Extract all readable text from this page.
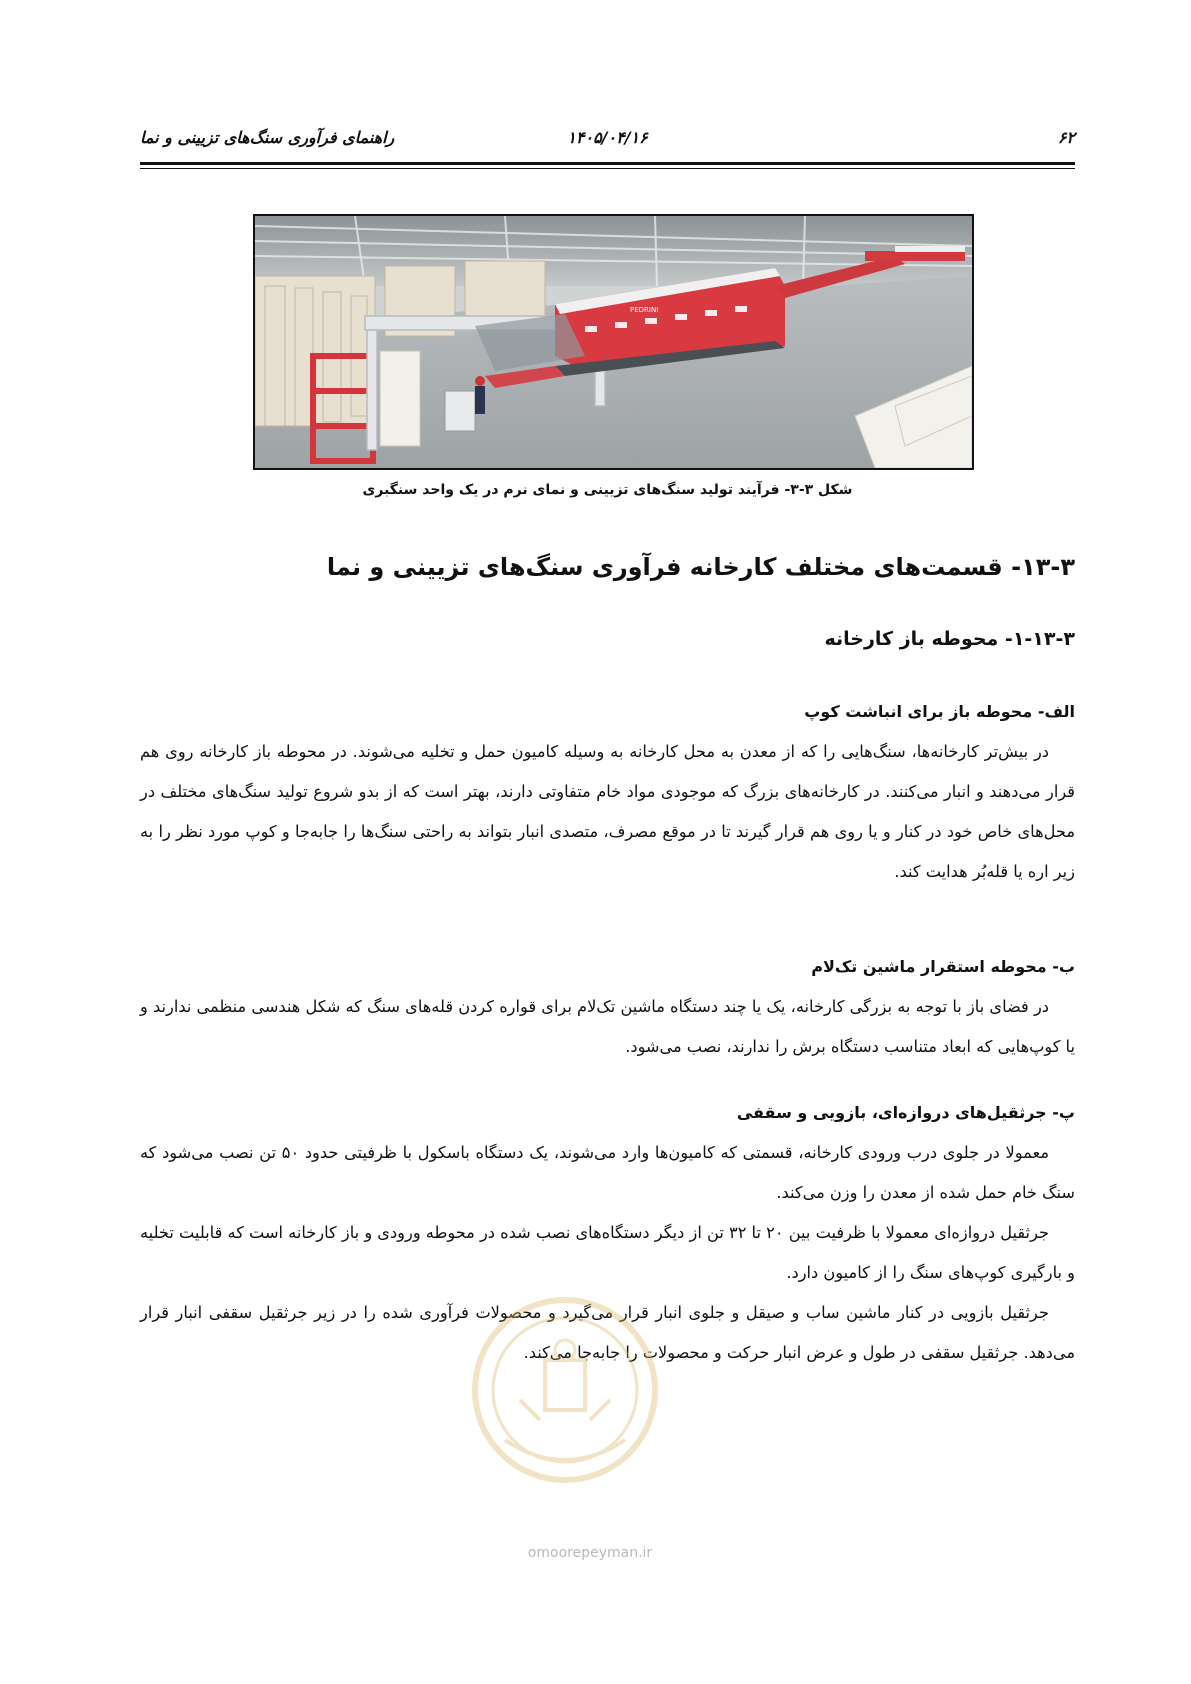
۶۲
۱۴۰۵/۰۴/۱۶
راهنمای فرآوری سنگ‌های تزیینی و نما
PEDRINI
شکل ۳-۳- فرآیند تولید سنگ‌های تزیینی و نمای نرم در یک واحد سنگبری
۱۳-۳- قسمت‌های مختلف کارخانه فرآوری سنگ‌های تزیینی و نما
۱-۱۳-۳- محوطه باز کارخانه
الف- محوطه باز برای انباشت کوپ

در بیش‌تر کارخانه‌ها، سنگ‌هایی را که از معدن به محل کارخانه به وسیله کامیون حمل و تخلیه می‌شوند. در محوطه باز کارخانه روی هم قرار می‌دهند و انبار می‌کنند. در کارخانه‌های بزرگ که موجودی مواد خام متفاوتی دارند، بهتر است که از بدو شروع تولید سنگ‌های مختلف در محل‌های خاص خود در کنار و یا روی هم قرار گیرند تا در موقع مصرف، متصدی انبار بتواند به راحتی سنگ‌ها را جابه‌جا و کوپ مورد نظر را به زیر اره یا قلەبُر هدایت کند.

ب- محوطه استقرار ماشین تک‌لام

در فضای باز با توجه به بزرگی کارخانه، یک یا چند دستگاه ماشین تک‌لام برای قواره کردن قله‌های سنگ که شکل هندسی منظمی ندارند و یا کوپ‌هایی که ابعاد متناسب دستگاه برش را ندارند، نصب می‌شود.

پ- جرثقیل‌های دروازه‌ای، بازویی و سقفی

معمولا در جلوی درب ورودی کارخانه، قسمتی که کامیون‌ها وارد می‌شوند، یک دستگاه باسکول با ظرفیتی حدود ۵۰ تن نصب می‌شود که سنگ خام حمل شده از معدن را وزن می‌کند.

جرثقیل دروازه‌ای معمولا با ظرفیت بین ۲۰ تا ۳۲ تن از دیگر دستگاه‌های نصب شده در محوطه ورودی و باز کارخانه است که قابلیت تخلیه و بارگیری کوپ‌های سنگ را از کامیون دارد.

جرثقیل بازویی در کنار ماشین ساب و صیقل و جلوی انبار قرار می‌گیرد و محصولات فرآوری شده را در زیر جرثقیل سقفی انبار قرار می‌دهد. جرثقیل سقفی در طول و عرض انبار حرکت و محصولات را جابه‌جا می‌کند.

omoorepeyman.ir
